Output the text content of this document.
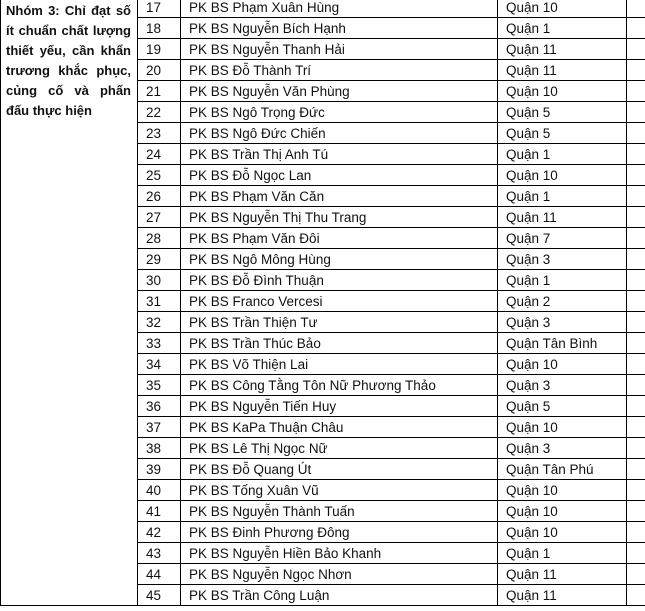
Nhóm 3: Chỉ đạt số ít chuẩn chất lượng thiết yếu, cần khẩn trương khắc phục, củng cố và phấn đấu thực hiện	17	PK BS Phạm Xuân Hùng	Quận 10	
	18	PK BS Nguyễn Bích Hạnh	Quận 1	
	19	PK BS Nguyễn Thanh Hải	Quận 11	
	20	PK BS Đỗ Thành Trí	Quận 11	
	21	PK BS Nguyễn Văn Phùng	Quận 10	
	22	PK BS Ngô Trọng Đức	Quận 5	
	23	PK BS Ngô Đức Chiến	Quận 5	
	24	PK BS Trần Thị Anh Tú	Quận 1	
	25	PK BS Đỗ Ngọc Lan	Quận 10	
	26	PK BS Phạm Văn Căn	Quận 1	
	27	PK BS Nguyễn Thị Thu Trang	Quận 11	
	28	PK BS Phạm Văn Đôi	Quận 7	
	29	PK BS Ngô Mông Hùng	Quận 3	
	30	PK BS Đỗ Đình Thuận	Quận 1	
	31	PK BS Franco Vercesi	Quận 2	
	32	PK BS Trần Thiện Tư	Quận 3	
	33	PK BS Trần Thúc Bảo	Quận Tân Bình	
	34	PK BS Võ Thiện Lai	Quận 10	
	35	PK BS Công Tằng Tôn Nữ Phương Thảo	Quận 3	
	36	PK BS Nguyễn Tiến Huy	Quận 5	
	37	PK BS KaPa Thuận Châu	Quận 10	
	38	PK BS Lê Thị Ngọc Nữ	Quận 3	
	39	PK BS Đỗ Quang Út	Quận Tân Phú	
	40	PK BS Tống Xuân Vũ	Quận 10	
	41	PK BS Nguyễn Thành Tuấn	Quận 10	
	42	PK BS Đinh Phương Đông	Quận 10	
	43	PK BS Nguyễn Hiền Bảo Khanh	Quận 1	
	44	PK BS Nguyễn Ngọc Nhơn	Quận 11	
	45	PK BS Trần Công Luận	Quận 11	
